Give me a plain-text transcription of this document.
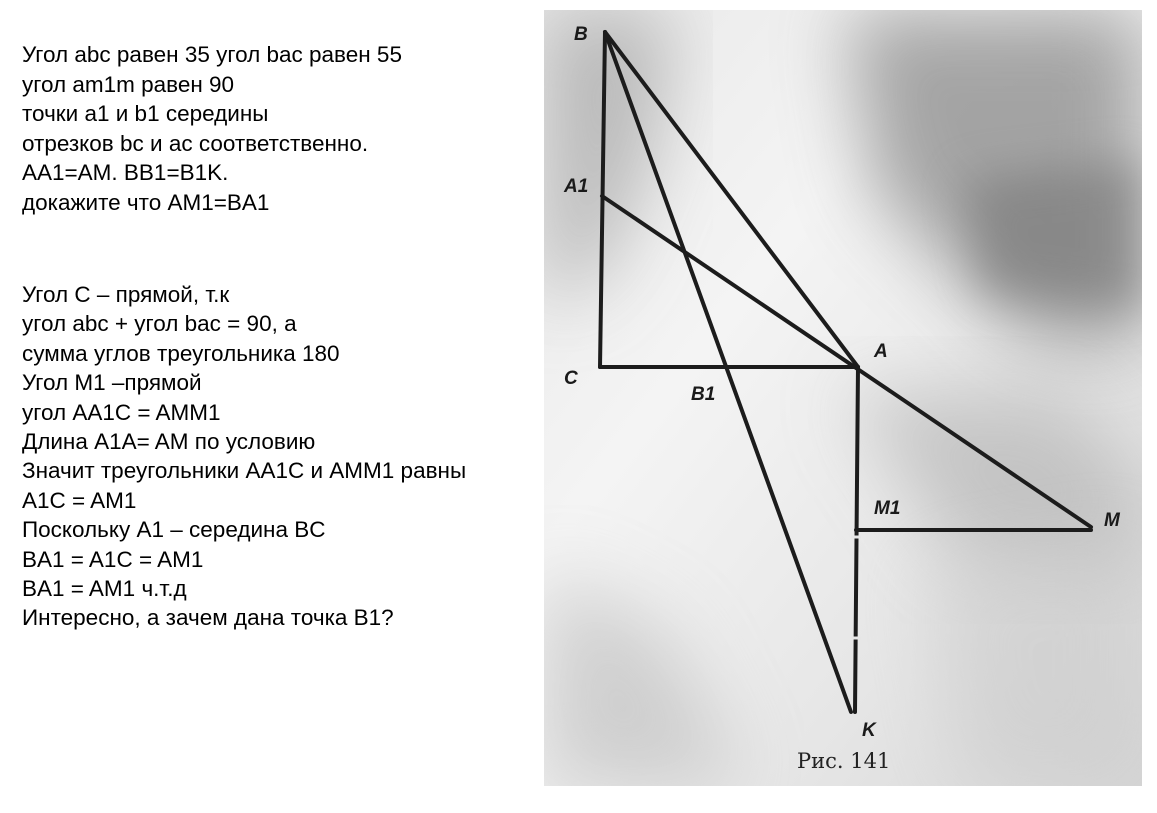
Угол abc равен 35 угол bac равен 55
угол am1m равен 90
точки a1 и b1 середины
отрезков bc и ac соответственно.
AA1=AM. BB1=B1K.
докажите что AM1=BA1
Угол С – прямой, т.к
угол abc + угол bac = 90, а
сумма углов треугольника 180
Угол M1 –прямой
угол AA1C = AMM1
Длина A1A= AM по условию
Значит треугольники AA1C и AMM1 равны
A1C = AM1
Поскольку A1 – середина BC
BA1 = A1C = AM1
BA1 = AM1 ч.т.д
Интересно, а зачем дана точка B1?
B
A1
C
B1
A
M1
M
K
Рис. 141
